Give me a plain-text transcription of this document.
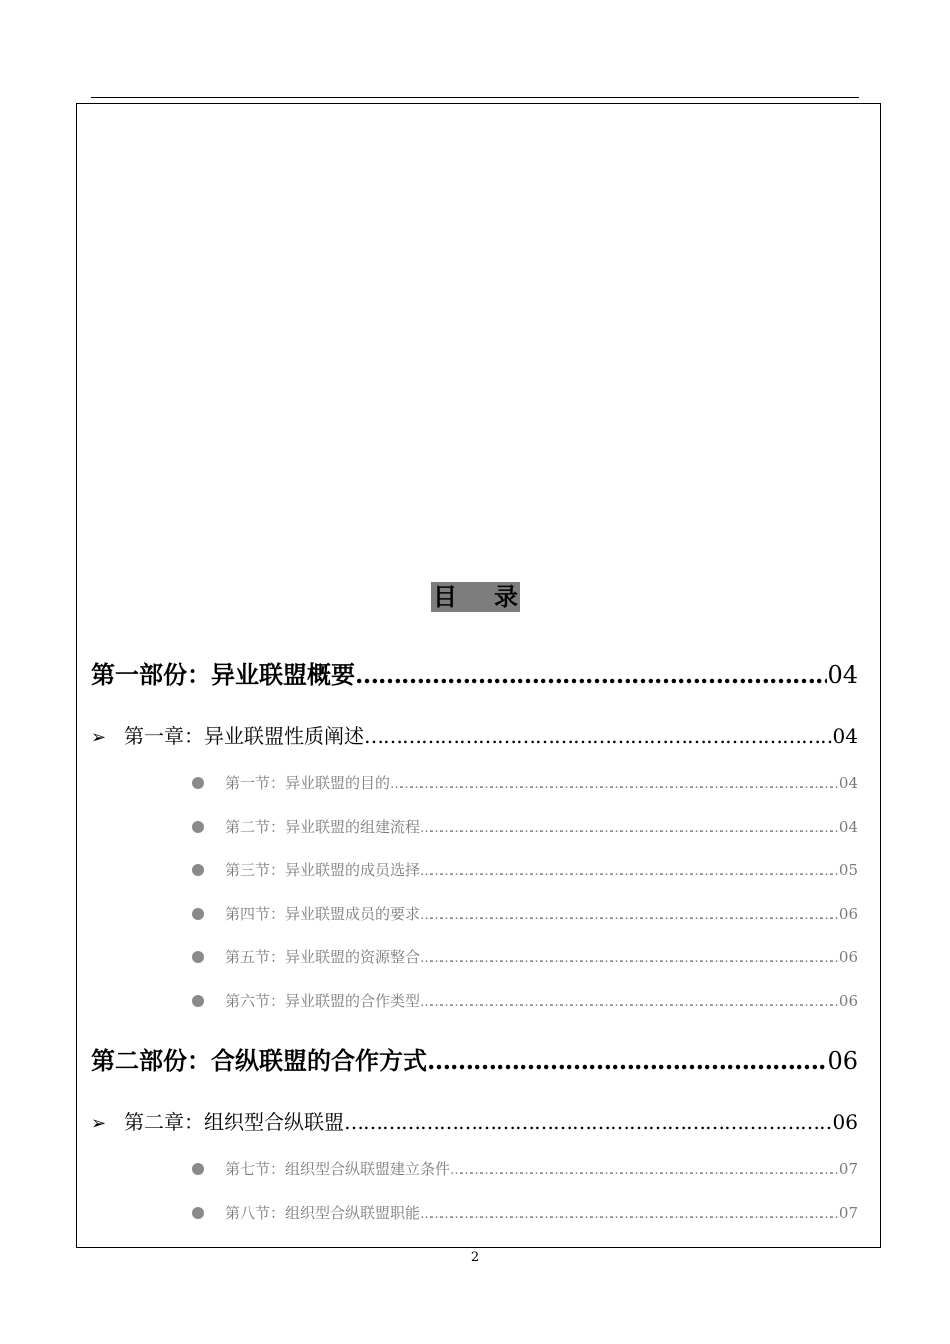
目 录
第一部份：异业联盟概要 ………………………………………………………………………………………………………………………………………………………………………………………………	04
➢ 第一章：异业联盟性质阐述 ………………………………………………………………………………………………………………………………………………………………………………………………	04
第一节：异业联盟的目的 ………………………………………………………………………………………………………………………………………………………………………………………………	04
第二节：异业联盟的组建流程 ………………………………………………………………………………………………………………………………………………………………………………………………	04
第三节：异业联盟的成员选择 ………………………………………………………………………………………………………………………………………………………………………………………………	05
第四节：异业联盟成员的要求 ………………………………………………………………………………………………………………………………………………………………………………………………	06
第五节：异业联盟的资源整合 ………………………………………………………………………………………………………………………………………………………………………………………………	06
第六节：异业联盟的合作类型 ………………………………………………………………………………………………………………………………………………………………………………………………	06
第二部份：合纵联盟的合作方式 ………………………………………………………………………………………………………………………………………………………………………………………………	06
➢ 第二章：组织型合纵联盟 ………………………………………………………………………………………………………………………………………………………………………………………………	06
第七节：组织型合纵联盟建立条件 ………………………………………………………………………………………………………………………………………………………………………………………………	07
第八节：组织型合纵联盟职能 ………………………………………………………………………………………………………………………………………………………………………………………………	07
2
